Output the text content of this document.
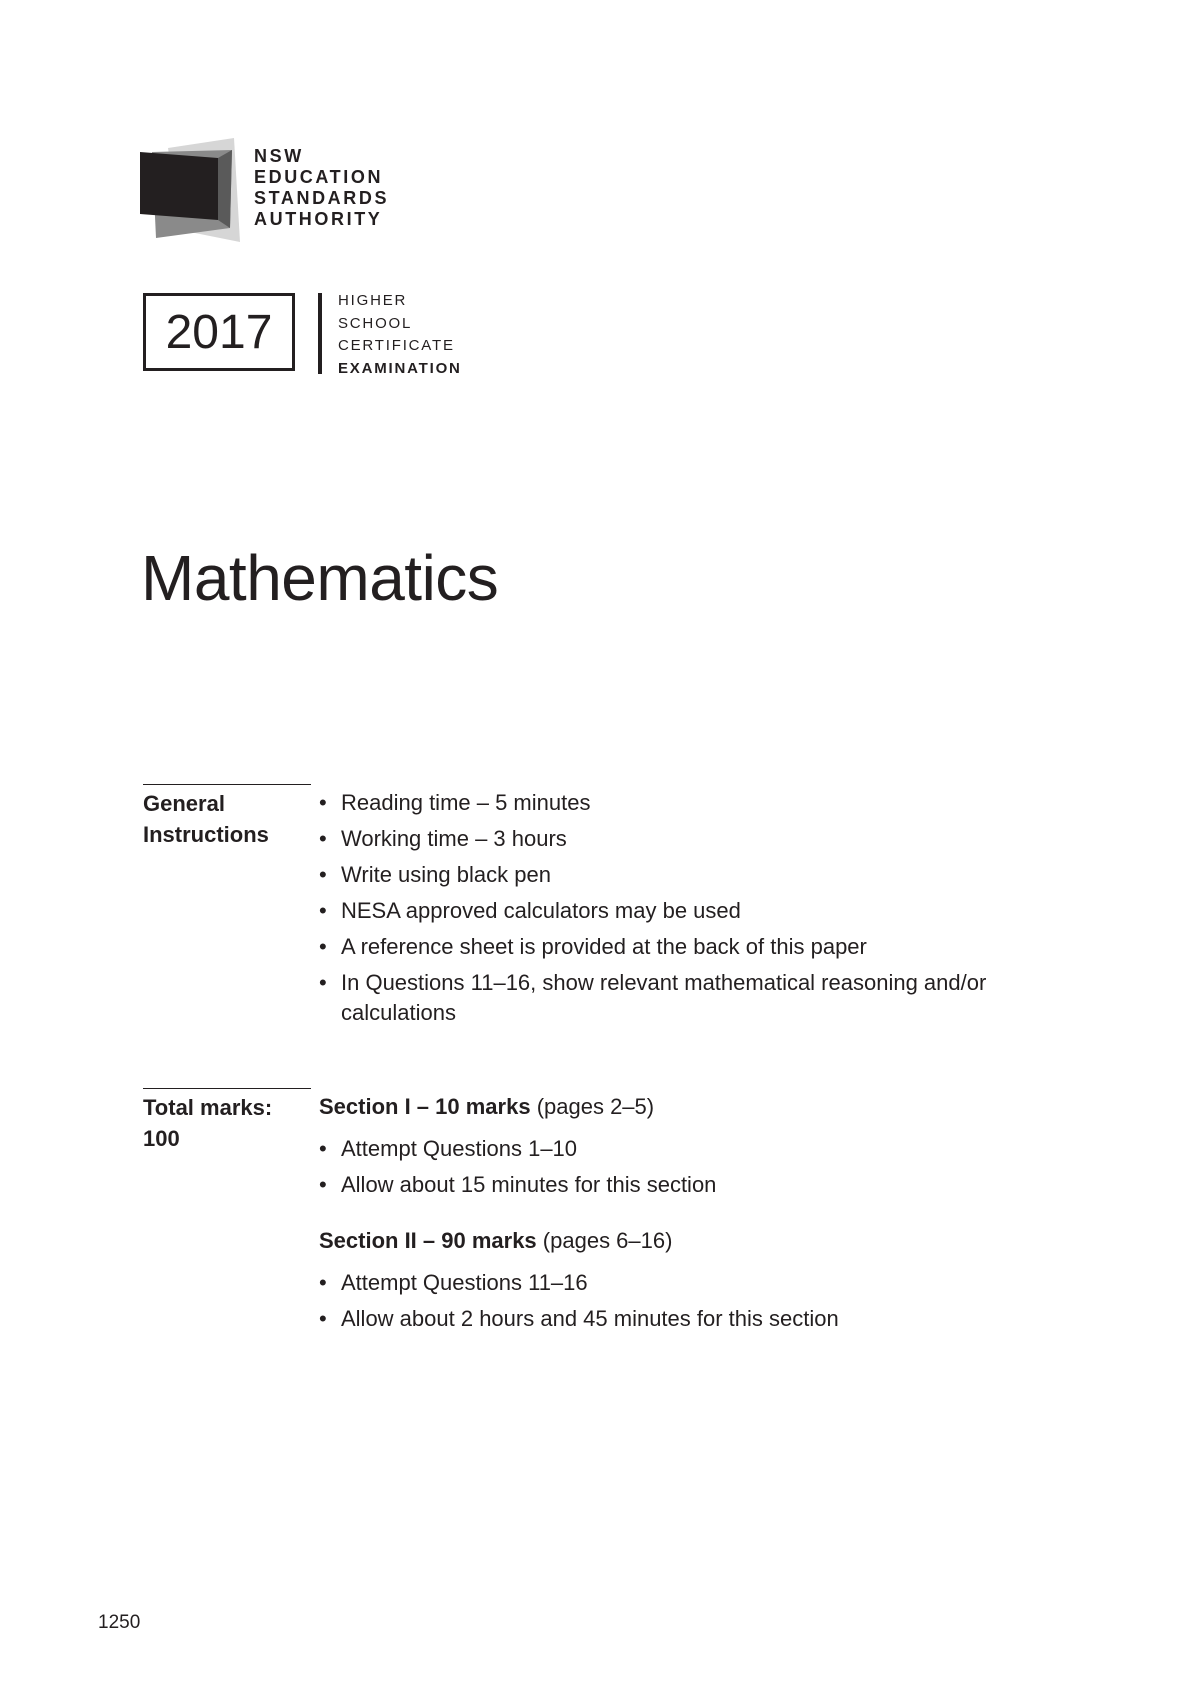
NSW
EDUCATION
STANDARDS
AUTHORITY
2017
HIGHER
SCHOOL
CERTIFICATE
EXAMINATION
Mathematics
General
Instructions
• Reading time – 5 minutes
• Working time – 3 hours
• Write using black pen
• NESA approved calculators may be used
• A reference sheet is provided at the back of this paper
• In Questions 11–16, show relevant mathematical reasoning and/or calculations
Total marks:
100
Section I – 10 marks (pages 2–5)
• Attempt Questions 1–10
• Allow about 15 minutes for this section
Section II – 90 marks (pages 6–16)
• Attempt Questions 11–16
• Allow about 2 hours and 45 minutes for this section
1250
